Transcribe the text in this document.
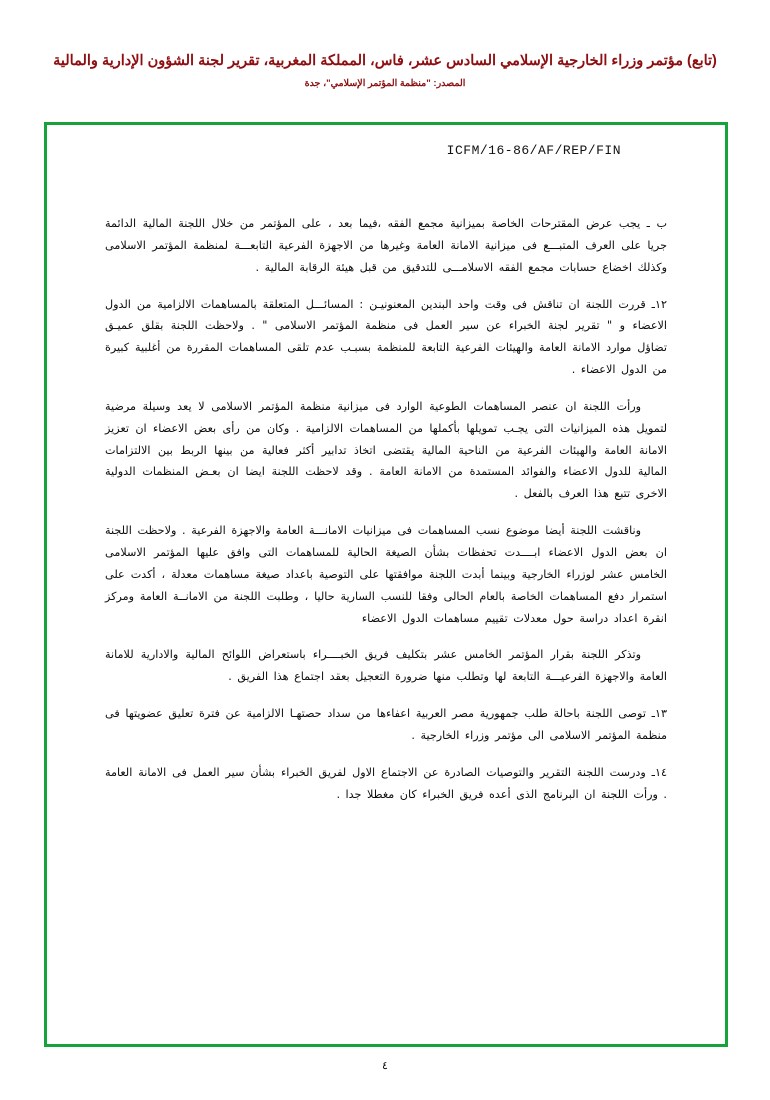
(تابع) مؤتمر وزراء الخارجية الإسلامي السادس عشر، فاس، المملكة المغربية، تقرير لجنة الشؤون الإدارية والمالية
المصدر: "منظمة المؤتمر الإسلامي"، جدة
ICFM/16-86/AF/REP/FIN

ب ـ يجب عرض المقترحات الخاصة بميزانية مجمع الفقه ،فيما بعد ، على المؤتمر من خلال اللجنة المالية الدائمة جريا على العرف المتبـــع فى ميزانية الامانة العامة وغيرها من الاجهزة الفرعية التابعـــة لمنظمة المؤتمر الاسلامى وكذلك اخضاع حسابات مجمع الفقه الاسلامـــى للتدقيق من قبل هيئة الرقابة المالية .

١٢ـ قررت اللجنة ان تناقش فى وقت واحد البندين المعنونيـن : المسائـــل المتعلقة بالمساهمات الالزامية من الدول الاعضاء و " تقرير لجنة الخبراء عن سير العمل فى منظمة المؤتمر الاسلامى " . ولاحظت اللجنة بقلق عميـق تضاؤل موارد الامانة العامة والهيئات الفرعية التابعة للمنظمة بسبـب عدم تلقى المساهمات المقررة من أغلبية كبيرة من الدول الاعضاء .

ورأت اللجنة ان عنصر المساهمات الطوعية الوارد فى ميزانية منظمة المؤتمر الاسلامى لا يعد وسيلة مرضية لتمويل هذه الميزانيات التى يجـب تمويلها بأكملها من المساهمات الالزامية . وكان من رأى بعض الاعضاء ان تعزيز الامانة العامة والهيئات الفرعية من الناحية المالية يقتضى اتخاذ تدابير أكثر فعالية من بينها الربط بين الالتزامات المالية للدول الاعضاء والفوائد المستمدة من الامانة العامة . وقد لاحظت اللجنة ايضا ان بعـض المنظمات الدولية الاخرى تتبع هذا العرف بالفعل .

وناقشت اللجنة أيضا موضوع نسب المساهمات فى ميزانيات الامانـــة العامة والاجهزة الفرعية . ولاحظت اللجنة ان بعض الدول الاعضاء ابــــدت تحفظات بشأن الصيغة الحالية للمساهمات التى وافق عليها المؤتمر الاسلامى الخامس عشر لوزراء الخارجية وبينما أبدت اللجنة موافقتها على التوصية باعداد صيغة مساهمات معدلة ، أكدت على استمرار دفع المساهمات الخاصة بالعام الحالى وفقا للنسب السارية حاليا ، وطلبت اللجنة من الامانــة العامة ومركز انقرة اعداد دراسة حول معدلات تقييم مساهمات الدول الاعضاء

وتذكر اللجنة بقرار المؤتمر الخامس عشر بتكليف فريق الخبــــراء باستعراض اللوائح المالية والادارية للامانة العامة والاجهزة الفرعيـــة التابعة لها وتطلب منها ضرورة التعجيل بعقد اجتماع هذا الفريق .

١٣ـ توصى اللجنة باحالة طلب جمهورية مصر العربية اعفاءها من سداد حصتهـا الالزامية عن فترة تعليق عضويتها فى منظمة المؤتمر الاسلامى الى مؤتمر وزراء الخارجية .

١٤ـ ودرست اللجنة التقرير والتوصيات الصادرة عن الاجتماع الاول لفريق الخبراء بشأن سير العمل فى الامانة العامة . ورأت اللجنة ان البرنامج الذى أعده فريق الخبراء كان مغطلا جدا .

٤
